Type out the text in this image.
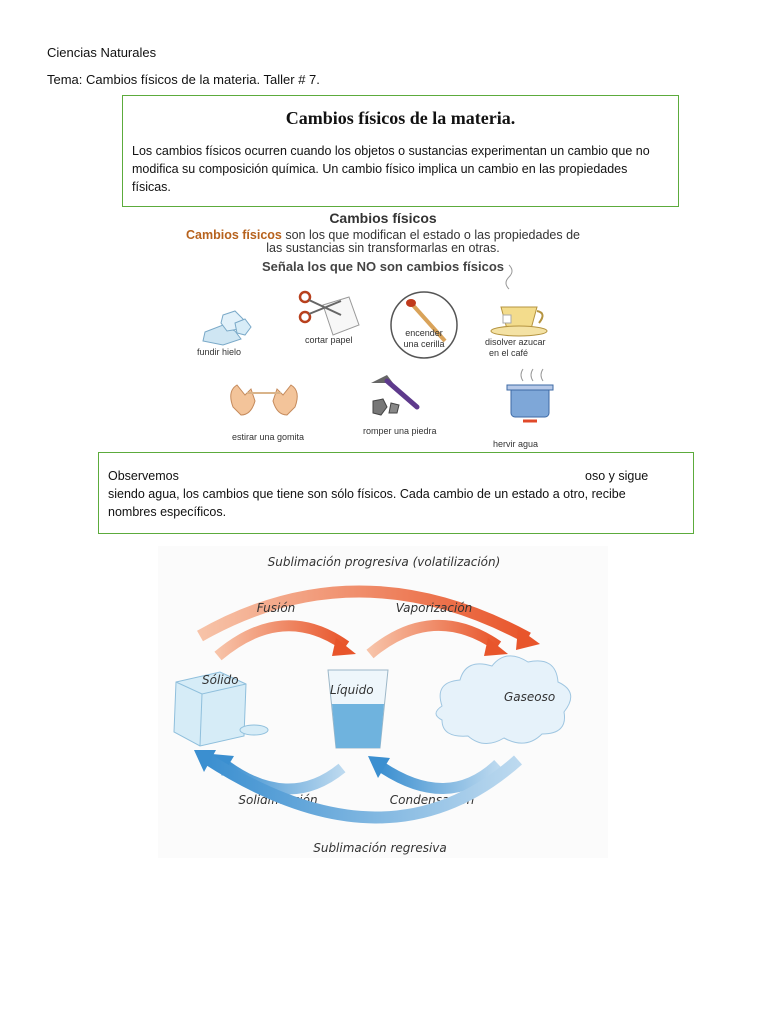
Ciencias Naturales
Tema: Cambios físicos de la materia. Taller # 7.
Cambios físicos de la materia.
Los cambios físicos ocurren cuando los objetos o sustancias experimentan un cambio que no
modifica su composición química. Un cambio físico implica un cambio en las propiedades
físicas.
Cambios físicos
Cambios físicos son los que modifican el estado o las propiedades de
las sustancias sin transformarlas en otras.
Señala los que NO son cambios físicos
fundir hielo
cortar papel
encender
una cerilla	disolver azucar
en el café
estirar una gomita
romper una piedra
hervir agua
Observemos	oso y sigue
siendo agua, los cambios que tiene son sólo físicos. Cada cambio de un estado a otro, recibe
nombres específicos.
Sublimación progresiva (volatilización)
Fusión	Vaporización
Sólido
Líquido	Gaseoso
Condensación
Solidificación
Sublimación regresiva
